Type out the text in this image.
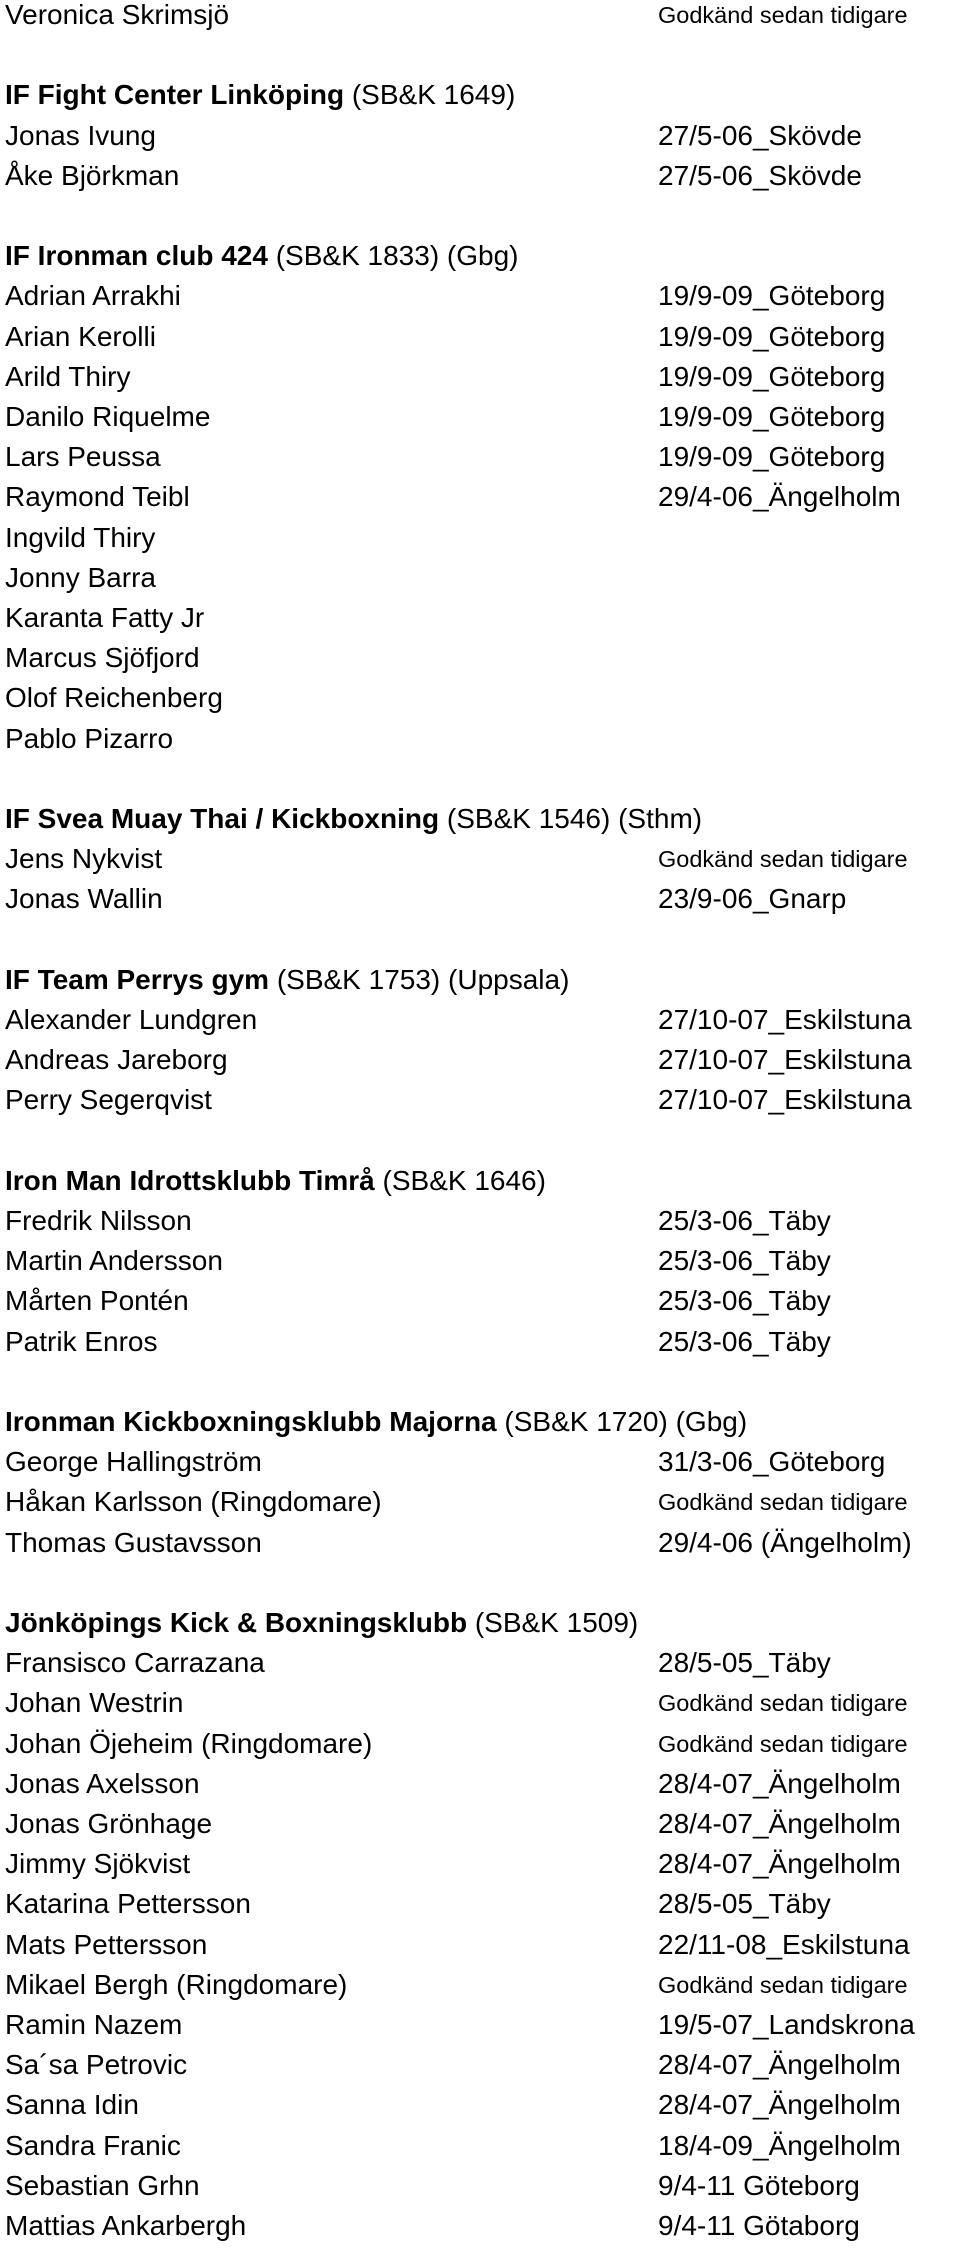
Veronica Skrimsjö	Godkänd sedan tidigare
IF Fight Center Linköping (SB&K 1649)
Jonas Ivung	27/5-06_Skövde
Åke Björkman	27/5-06_Skövde
IF Ironman club 424 (SB&K 1833) (Gbg)
Adrian Arrakhi	19/9-09_Göteborg
Arian Kerolli	19/9-09_Göteborg
Arild Thiry	19/9-09_Göteborg
Danilo Riquelme	19/9-09_Göteborg
Lars Peussa	19/9-09_Göteborg
Raymond Teibl	29/4-06_Ängelholm
Ingvild Thiry
Jonny Barra
Karanta Fatty Jr
Marcus Sjöfjord
Olof Reichenberg
Pablo Pizarro
IF Svea Muay Thai / Kickboxning (SB&K 1546) (Sthm)
Jens Nykvist	Godkänd sedan tidigare
Jonas Wallin	23/9-06_Gnarp
IF Team Perrys gym (SB&K 1753) (Uppsala)
Alexander Lundgren	27/10-07_Eskilstuna
Andreas Jareborg	27/10-07_Eskilstuna
Perry Segerqvist	27/10-07_Eskilstuna
Iron Man Idrottsklubb Timrå (SB&K 1646)
Fredrik Nilsson	25/3-06_Täby
Martin Andersson	25/3-06_Täby
Mårten Pontén	25/3-06_Täby
Patrik Enros	25/3-06_Täby
Ironman Kickboxningsklubb Majorna (SB&K 1720) (Gbg)
George Hallingström	31/3-06_Göteborg
Håkan Karlsson (Ringdomare)	Godkänd sedan tidigare
Thomas Gustavsson	29/4-06 (Ängelholm)
Jönköpings Kick & Boxningsklubb (SB&K 1509)
Fransisco Carrazana	28/5-05_Täby
Johan Westrin	Godkänd sedan tidigare
Johan Öjeheim (Ringdomare)	Godkänd sedan tidigare
Jonas Axelsson	28/4-07_Ängelholm
Jonas Grönhage	28/4-07_Ängelholm
Jimmy Sjökvist	28/4-07_Ängelholm
Katarina Pettersson	28/5-05_Täby
Mats Pettersson	22/11-08_Eskilstuna
Mikael Bergh (Ringdomare)	Godkänd sedan tidigare
Ramin Nazem	19/5-07_Landskrona
Sa´sa Petrovic	28/4-07_Ängelholm
Sanna Idin	28/4-07_Ängelholm
Sandra Franic	18/4-09_Ängelholm
Sebastian Grhn	9/4-11 Göteborg
Mattias Ankarbergh	9/4-11 Götaborg
